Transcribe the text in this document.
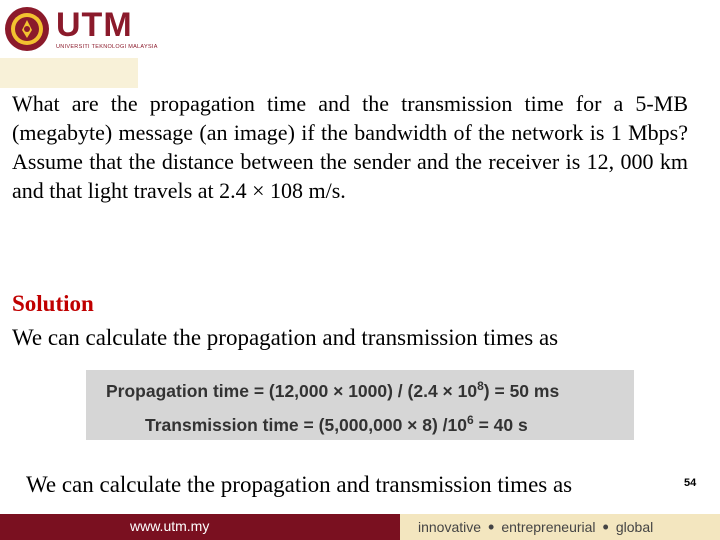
UTM
UNIVERSITI TEKNOLOGI MALAYSIA
What are the propagation time and the transmission time for a 5-MB (megabyte) message (an image) if the bandwidth of the network is 1 Mbps? Assume that the distance between the sender and the receiver is 12, 000 km and that light travels at 2.4 × 108 m/s.
Solution
We can calculate the propagation and transmission times as
Propagation time = $(12,000 \times 1000) / (2.4 \times 10^8) = 50$ ms
Transmission time = (5,000,000 × 8) $/10^6 = 40$ s
We can calculate the propagation and transmission times as	54
www.utm.my	innovative • entrepreneurial • global
